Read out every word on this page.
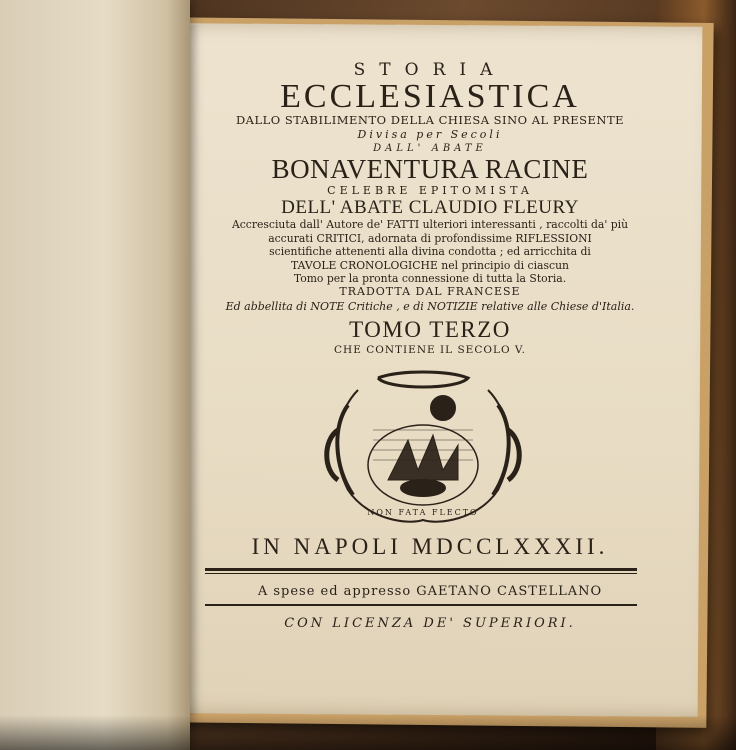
STORIA
ECCLESIASTICA
DALLO STABILIMENTO DELLA CHIESA SINO AL PRESENTE
Divisa per Secoli
DALL' ABATE
BONAVENTURA RACINE
CELEBRE EPITOMISTA
DELL' ABATE CLAUDIO FLEURY
Accresciuta dall' Autore de' FATTI ulteriori interessanti , raccolti da' più
accurati CRITICI, adornata di profondissime RIFLESSIONI
scientifiche attenenti alla divina condotta ; ed arricchita di
TAVOLE CRONOLOGICHE nel principio di ciascun
Tomo per la pronta connessione di tutta la Storia.
TRADOTTA DAL FRANCESE
Ed abbellita di NOTE Critiche , e di NOTIZIE relative alle Chiese d'Italia.
TOMO TERZO
CHE CONTIENE IL SECOLO V.
NON FATA FLECTO
IN NAPOLI MDCCLXXXII.
A spese ed appresso GAETANO CASTELLANO
CON LICENZA DE' SUPERIORI.
